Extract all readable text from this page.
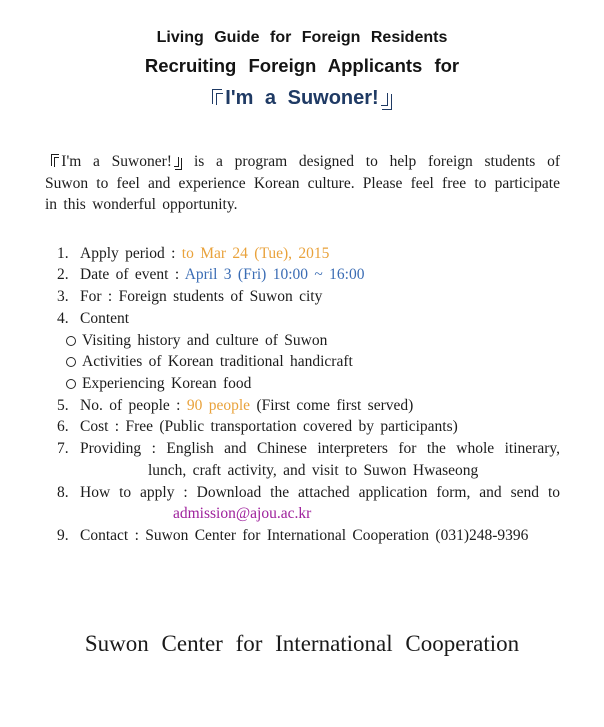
Living Guide for Foreign Residents
Recruiting Foreign Applicants for
I'm a Suwoner!
I'm a Suwoner! is a program designed to help foreign students of
Suwon to feel and experience Korean culture. Please feel free to participate
in this wonderful opportunity.
1. Apply period : to Mar 24 (Tue), 2015
2. Date of event : April 3 (Fri) 10:00 ~ 16:00
3. For : Foreign students of Suwon city
4. Content
Visiting history and culture of Suwon
Activities of Korean traditional handicraft
Experiencing Korean food
5. No. of people : 90 people (First come first served)
6. Cost : Free (Public transportation covered by participants)
7. Providing : English and Chinese interpreters for the whole itinerary,
lunch, craft activity, and visit to Suwon Hwaseong
8. How to apply : Download the attached application form, and send to
admission@ajou.ac.kr
9. Contact : Suwon Center for International Cooperation (031)248-9396
Suwon Center for International Cooperation
